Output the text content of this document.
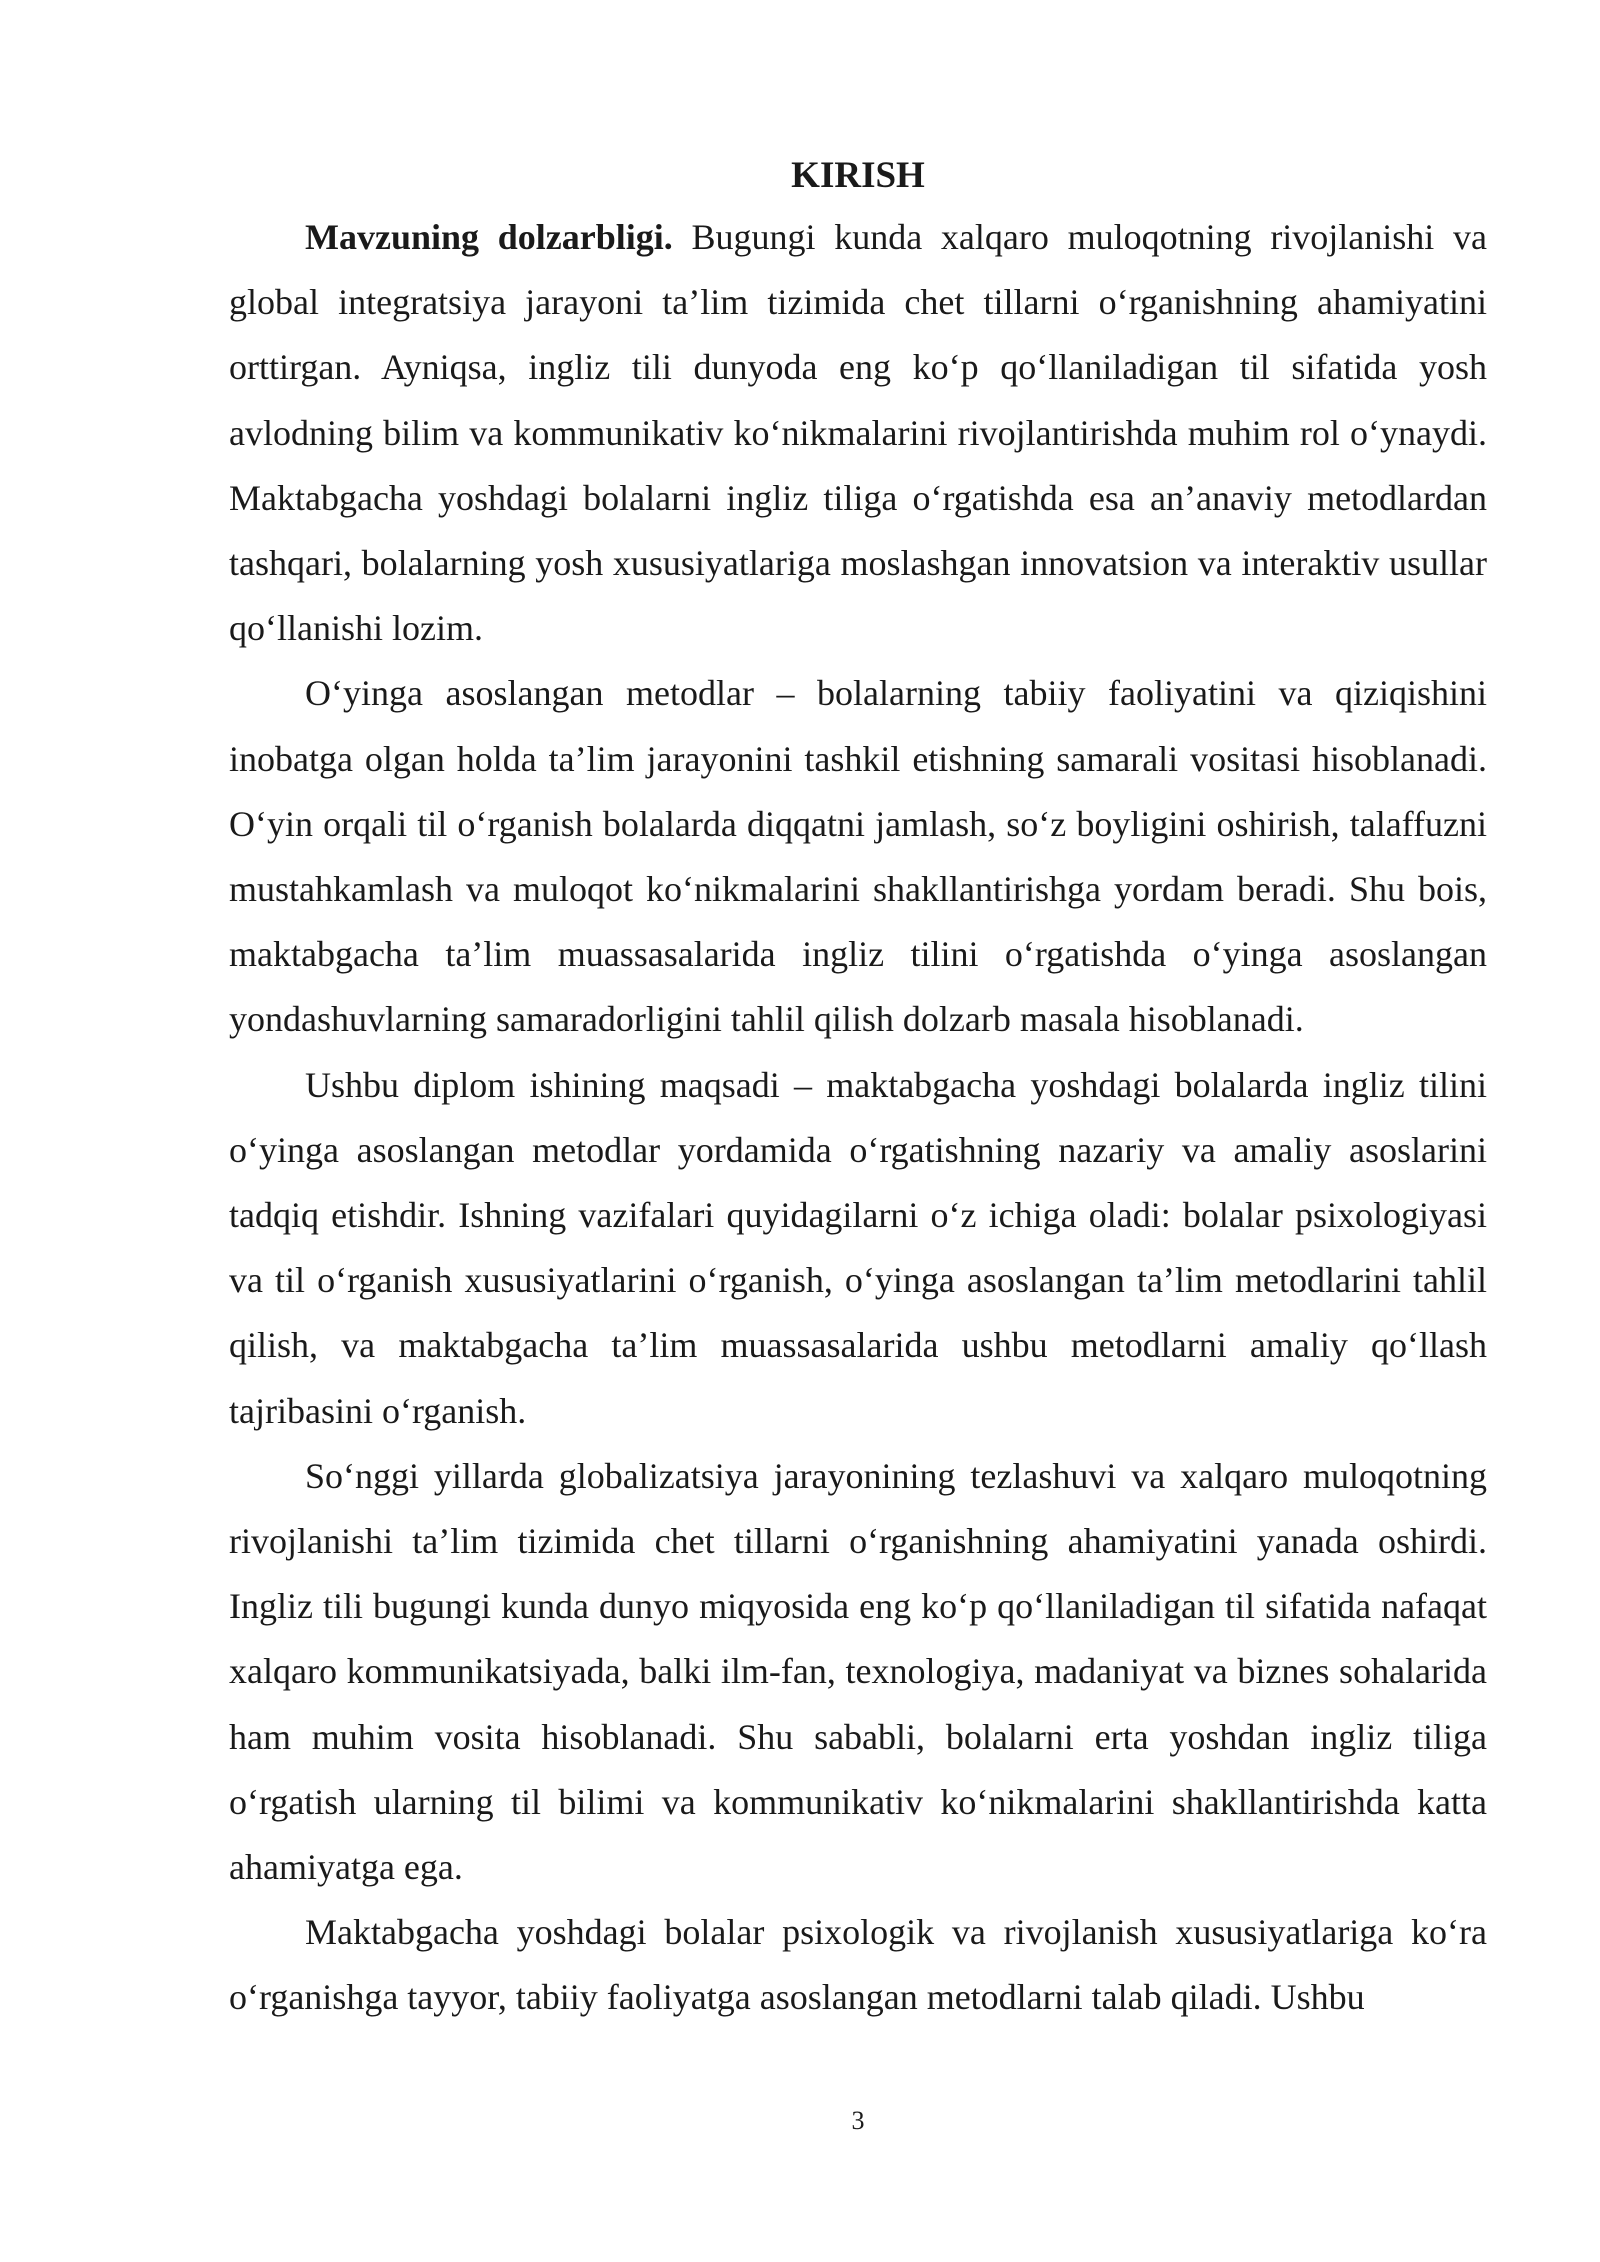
KIRISH

Mavzuning dolzarbligi. Bugungi kunda xalqaro muloqotning rivojlanishi va global integratsiya jarayoni ta’lim tizimida chet tillarni o‘rganishning ahamiyatini orttirgan. Ayniqsa, ingliz tili dunyoda eng ko‘p qo‘llaniladigan til sifatida yosh avlodning bilim va kommunikativ ko‘nikmalarini rivojlantirishda muhim rol o‘ynaydi. Maktabgacha yoshdagi bolalarni ingliz tiliga o‘rgatishda esa an’anaviy metodlardan tashqari, bolalarning yosh xususiyatlariga moslashgan innovatsion va interaktiv usullar qo‘llanishi lozim.

O‘yinga asoslangan metodlar – bolalarning tabiiy faoliyatini va qiziqishini inobatga olgan holda ta’lim jarayonini tashkil etishning samarali vositasi hisoblanadi. O‘yin orqali til o‘rganish bolalarda diqqatni jamlash, so‘z boyligini oshirish, talaffuzni mustahkamlash va muloqot ko‘nikmalarini shakllantirishga yordam beradi. Shu bois, maktabgacha ta’lim muassasalarida ingliz tilini o‘rgatishda o‘yinga asoslangan yondashuvlarning samaradorligini tahlil qilish dolzarb masala hisoblanadi.

Ushbu diplom ishining maqsadi – maktabgacha yoshdagi bolalarda ingliz tilini o‘yinga asoslangan metodlar yordamida o‘rgatishning nazariy va amaliy asoslarini tadqiq etishdir. Ishning vazifalari quyidagilarni o‘z ichiga oladi: bolalar psixologiyasi va til o‘rganish xususiyatlarini o‘rganish, o‘yinga asoslangan ta’lim metodlarini tahlil qilish, va maktabgacha ta’lim muassasalarida ushbu metodlarni amaliy qo‘llash tajribasini o‘rganish.

So‘nggi yillarda globalizatsiya jarayonining tezlashuvi va xalqaro muloqotning rivojlanishi ta’lim tizimida chet tillarni o‘rganishning ahamiyatini yanada oshirdi. Ingliz tili bugungi kunda dunyo miqyosida eng ko‘p qo‘llaniladigan til sifatida nafaqat xalqaro kommunikatsiyada, balki ilm-fan, texnologiya, madaniyat va biznes sohalarida ham muhim vosita hisoblanadi. Shu sababli, bolalarni erta yoshdan ingliz tiliga o‘rgatish ularning til bilimi va kommunikativ ko‘nikmalarini shakllantirishda katta ahamiyatga ega.

Maktabgacha yoshdagi bolalar psixologik va rivojlanish xususiyatlariga ko‘ra o‘rganishga tayyor, tabiiy faoliyatga asoslangan metodlarni talab qiladi. Ushbu

3
